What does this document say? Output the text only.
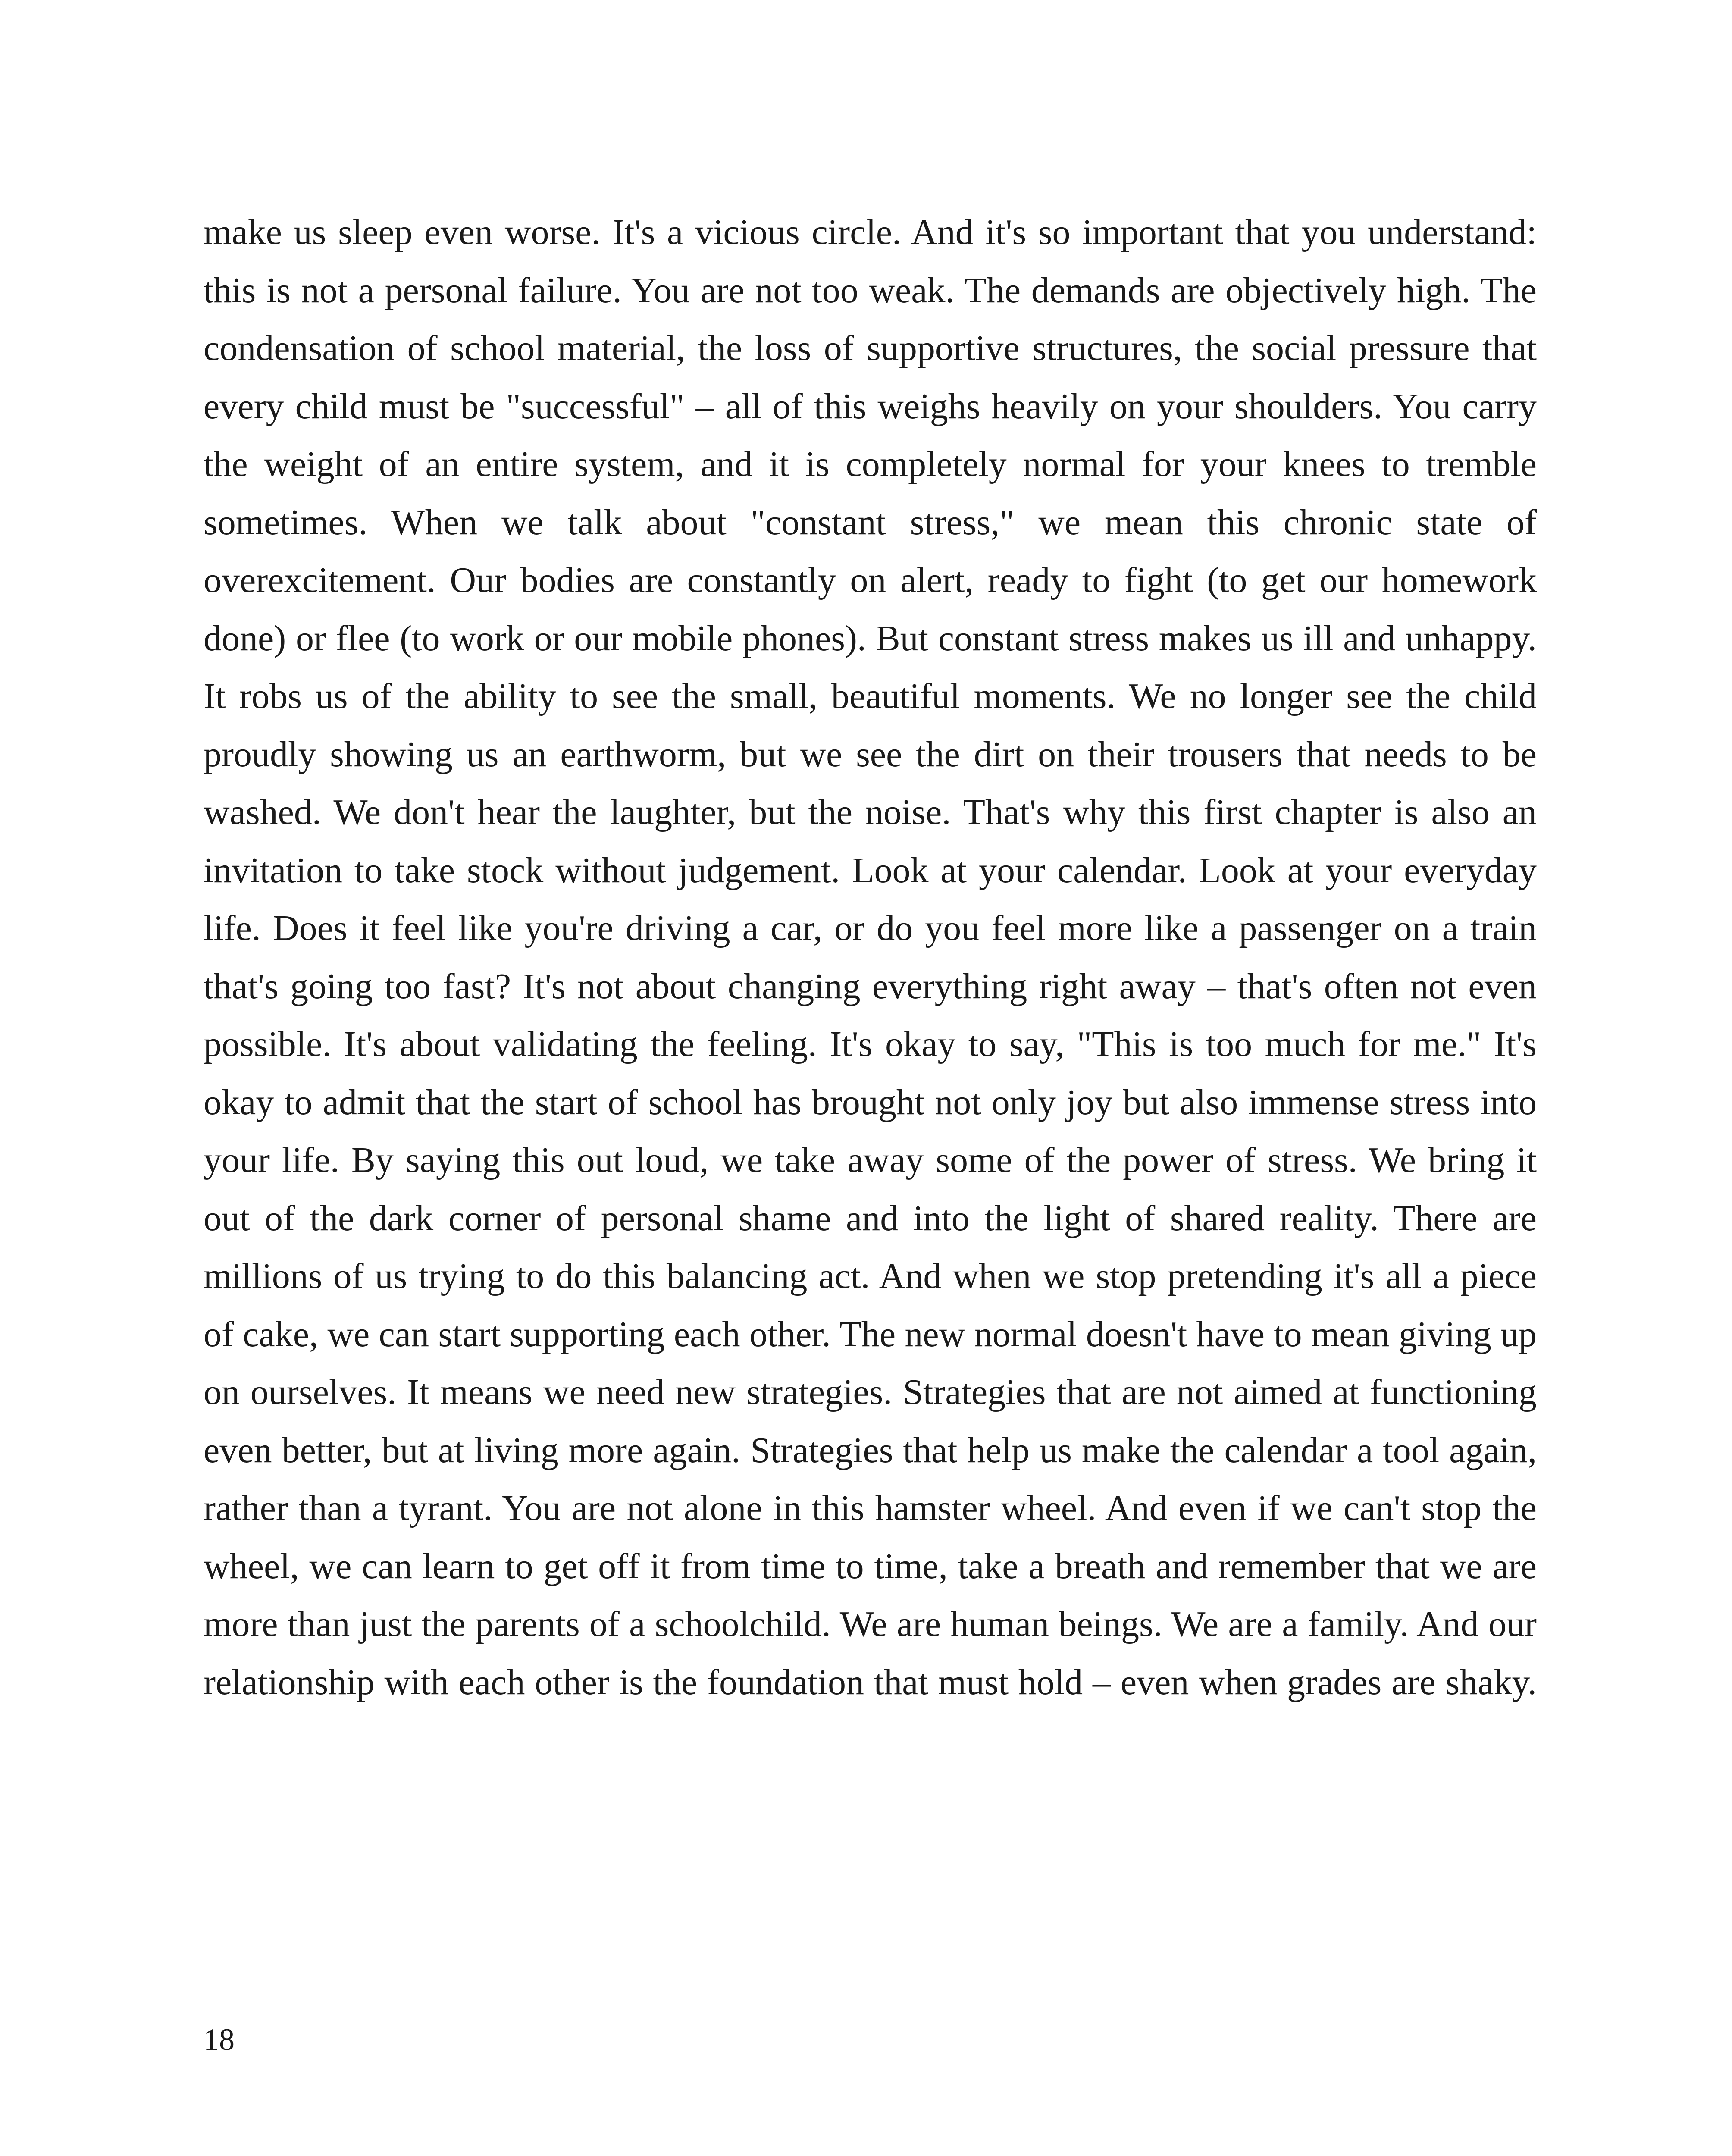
make us sleep even worse. It's a vicious circle. And it's so important that you understand: this is not a personal failure. You are not too weak. The demands are objectively high. The condensation of school material, the loss of supportive structures, the social pressure that every child must be "successful" – all of this weighs heavily on your shoulders. You carry the weight of an entire system, and it is completely normal for your knees to tremble sometimes. When we talk about "constant stress," we mean this chronic state of overexcitement. Our bodies are constantly on alert, ready to fight (to get our homework done) or flee (to work or our mobile phones). But constant stress makes us ill and unhappy. It robs us of the ability to see the small, beautiful moments. We no longer see the child proudly showing us an earthworm, but we see the dirt on their trousers that needs to be washed. We don't hear the laughter, but the noise. That's why this first chapter is also an invitation to take stock without judgement. Look at your calendar. Look at your everyday life. Does it feel like you're driving a car, or do you feel more like a passenger on a train that's going too fast? It's not about changing everything right away – that's often not even possible. It's about validating the feeling. It's okay to say, "This is too much for me." It's okay to admit that the start of school has brought not only joy but also immense stress into your life. By saying this out loud, we take away some of the power of stress. We bring it out of the dark corner of personal shame and into the light of shared reality. There are millions of us trying to do this balancing act. And when we stop pretending it's all a piece of cake, we can start supporting each other. The new normal doesn't have to mean giving up on ourselves. It means we need new strategies. Strategies that are not aimed at functioning even better, but at living more again. Strategies that help us make the calendar a tool again, rather than a tyrant. You are not alone in this hamster wheel. And even if we can't stop the wheel, we can learn to get off it from time to time, take a breath and remember that we are more than just the parents of a schoolchild. We are human beings. We are a family. And our relationship with each other is the foundation that must hold – even when grades are shaky.

18
